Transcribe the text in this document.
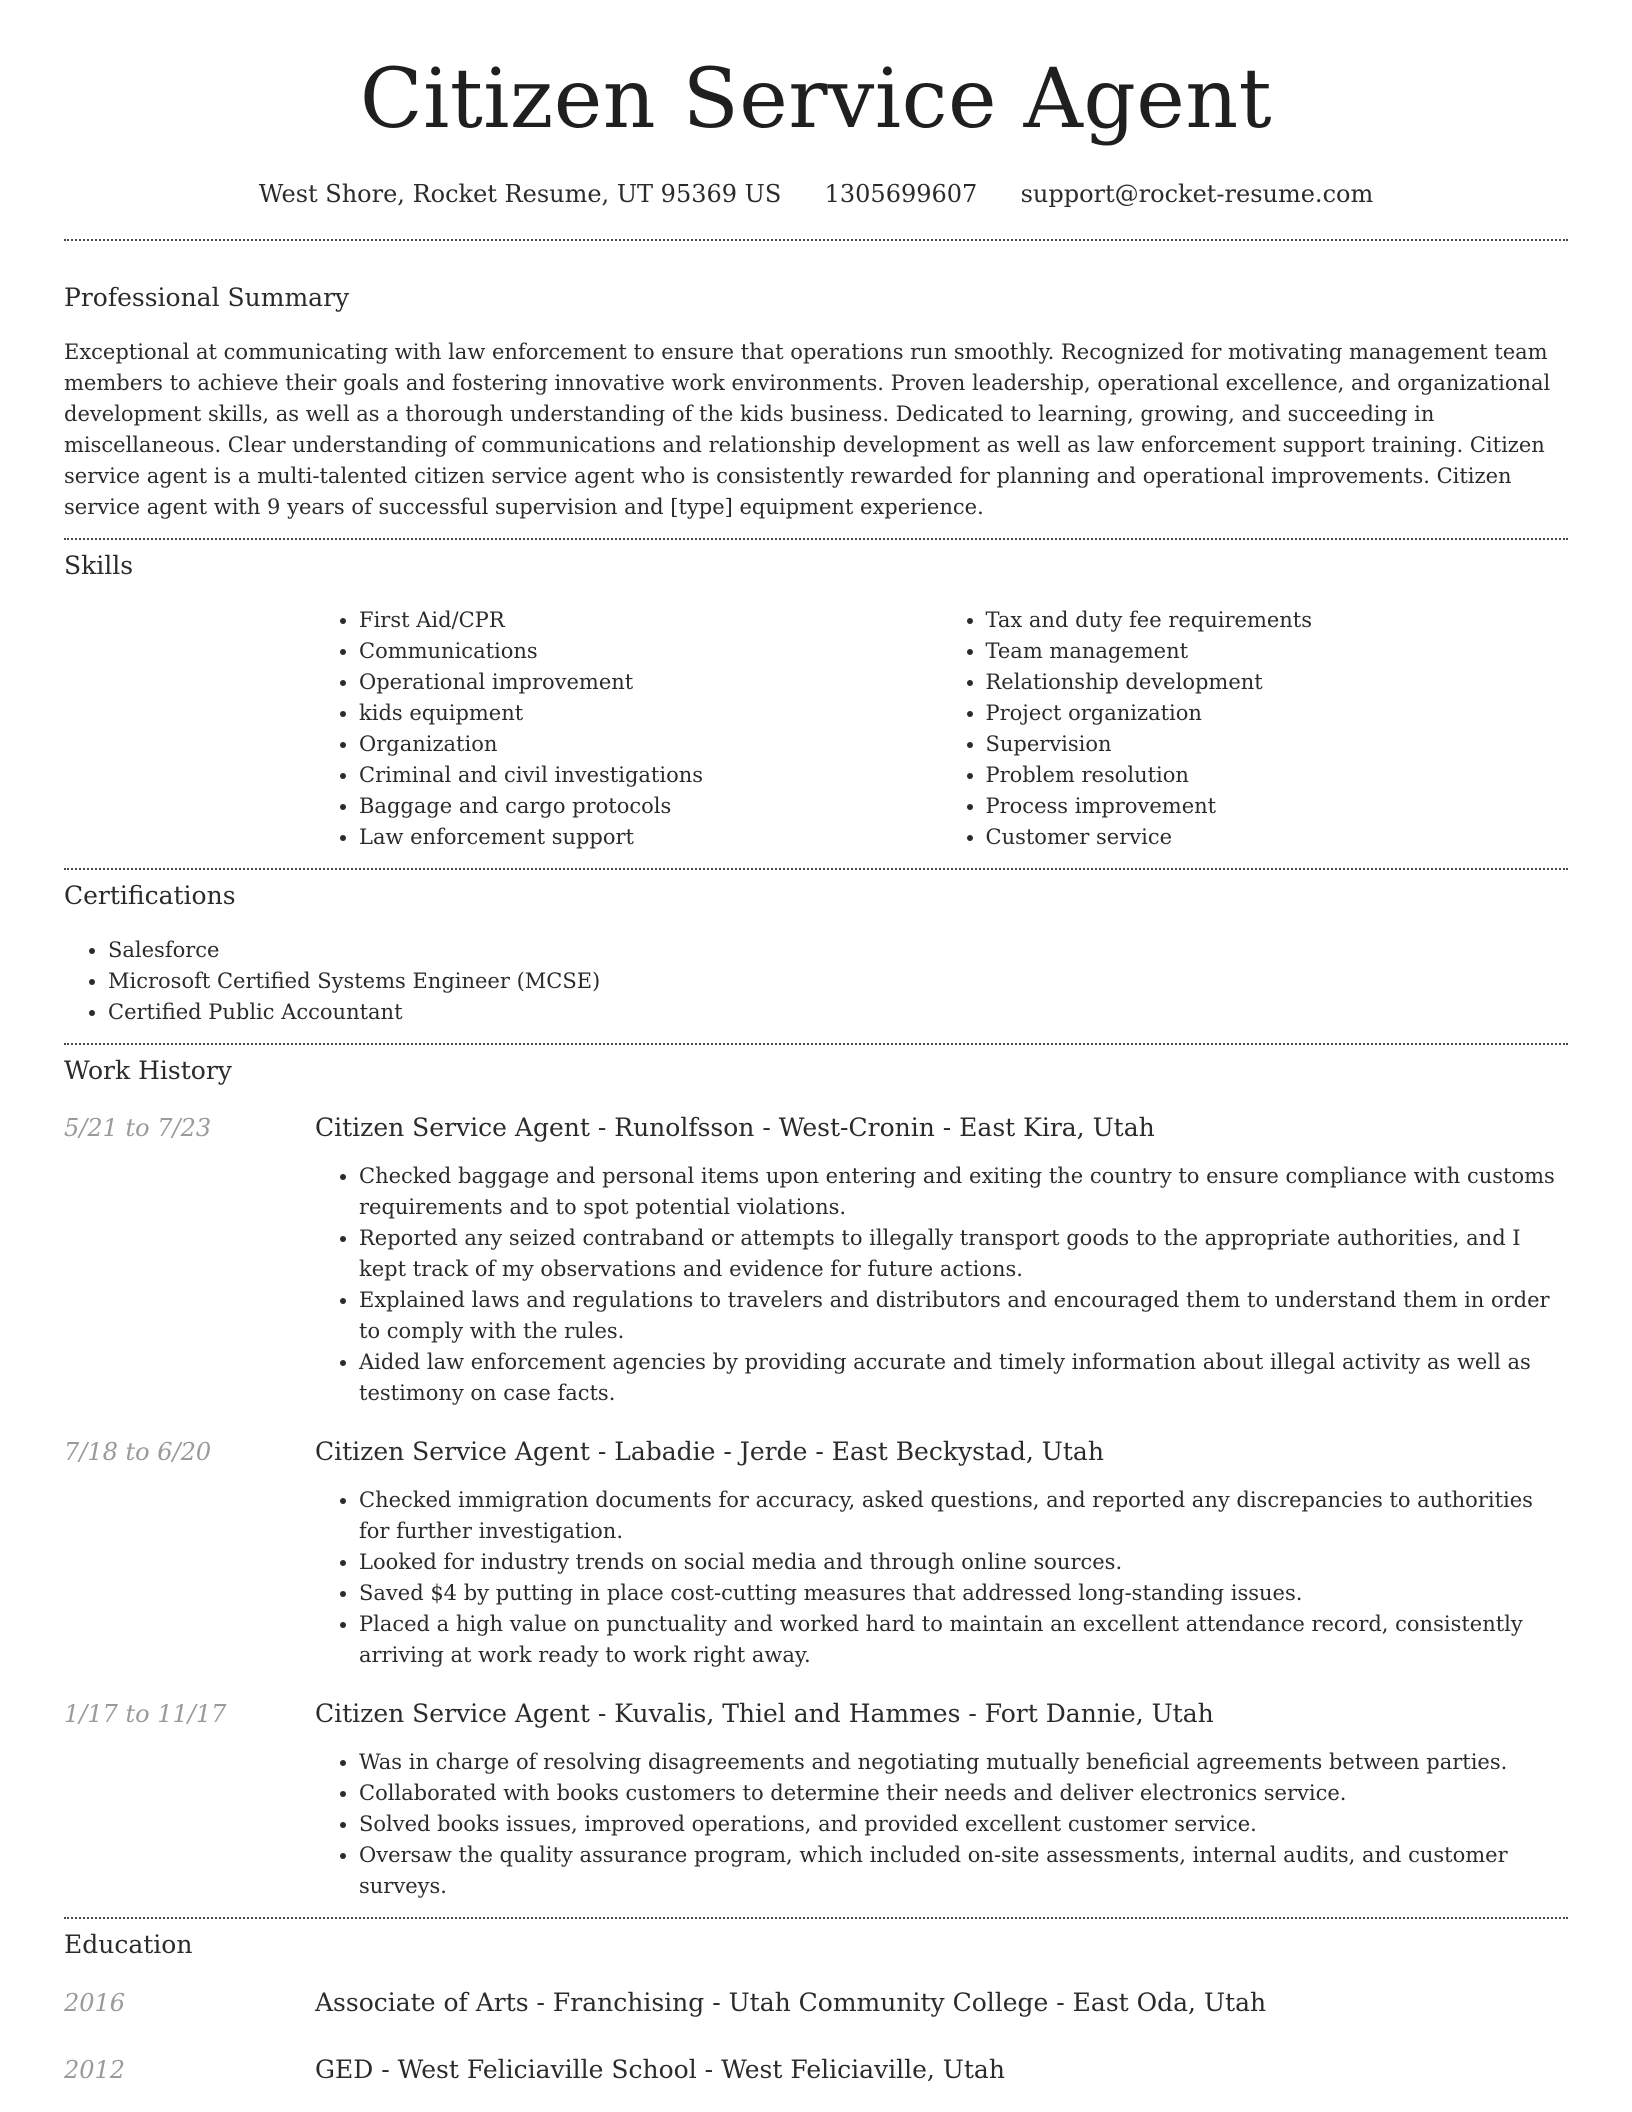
Citizen Service Agent
West Shore, Rocket Resume, UT 95369 US 1305699607 support@rocket-resume.com
Professional Summary

Exceptional at communicating with law enforcement to ensure that operations run smoothly. Recognized for motivating management team members to achieve their goals and fostering innovative work environments. Proven leadership, operational excellence, and organizational development skills, as well as a thorough understanding of the kids business. Dedicated to learning, growing, and succeeding in miscellaneous. Clear understanding of communications and relationship development as well as law enforcement support training. Citizen service agent is a multi-talented citizen service agent who is consistently rewarded for planning and operational improvements. Citizen service agent with 9 years of successful supervision and [type] equipment experience.

Skills
• First Aid/CPR
• Communications
• Operational improvement
• kids equipment
• Organization
• Criminal and civil investigations
• Baggage and cargo protocols
• Law enforcement support
• Tax and duty fee requirements
• Team management
• Relationship development
• Project organization
• Supervision
• Problem resolution
• Process improvement
• Customer service
Certifications
• Salesforce
• Microsoft Certified Systems Engineer (MCSE)
• Certified Public Accountant
Work History
5/21 to 7/23	Citizen Service Agent - Runolfsson - West-Cronin - East Kira, Utah
• Checked baggage and personal items upon entering and exiting the country to ensure compliance with customs requirements and to spot potential violations.
• Reported any seized contraband or attempts to illegally transport goods to the appropriate authorities, and I kept track of my observations and evidence for future actions.
• Explained laws and regulations to travelers and distributors and encouraged them to understand them in order to comply with the rules.
• Aided law enforcement agencies by providing accurate and timely information about illegal activity as well as testimony on case facts.
7/18 to 6/20	Citizen Service Agent - Labadie - Jerde - East Beckystad, Utah
• Checked immigration documents for accuracy, asked questions, and reported any discrepancies to authorities for further investigation.
• Looked for industry trends on social media and through online sources.
• Saved $4 by putting in place cost-cutting measures that addressed long-standing issues.
• Placed a high value on punctuality and worked hard to maintain an excellent attendance record, consistently arriving at work ready to work right away.
1/17 to 11/17	Citizen Service Agent - Kuvalis, Thiel and Hammes - Fort Dannie, Utah
• Was in charge of resolving disagreements and negotiating mutually beneficial agreements between parties.
• Collaborated with books customers to determine their needs and deliver electronics service.
• Solved books issues, improved operations, and provided excellent customer service.
• Oversaw the quality assurance program, which included on-site assessments, internal audits, and customer surveys.
Education
2016	Associate of Arts - Franchising - Utah Community College - East Oda, Utah
2012	GED - West Feliciaville School - West Feliciaville, Utah
